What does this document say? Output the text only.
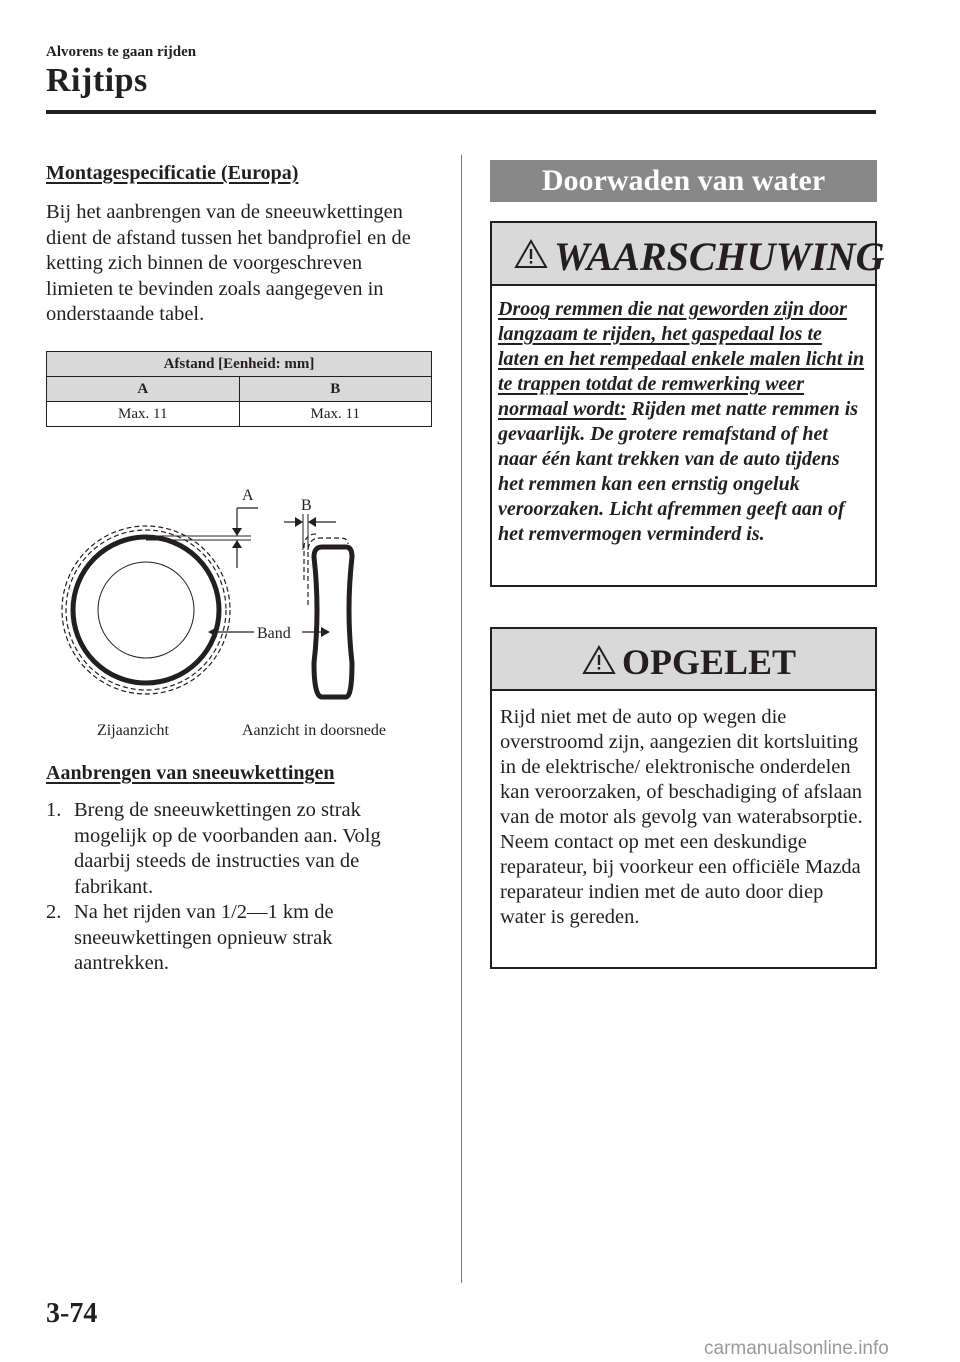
Alvorens te gaan rijden
Rijtips
Montagespecificatie (Europa)
Bij het aanbrengen van de sneeuwkettingen dient de afstand tussen het bandprofiel en de ketting zich binnen de voorgeschreven limieten te bevinden zoals aangegeven in onderstaande tabel.
Afstand [Eenheid: mm]	
A	B
Max. 11	Max. 11
A
B
Band
Zijaanzicht	Aanzicht in doorsnede
Aanbrengen van sneeuwkettingen
1. Breng de sneeuwkettingen zo strak mogelijk op de voorbanden aan. Volg daarbij steeds de instructies van de fabrikant.
2. Na het rijden van 1/2—1 km de sneeuwkettingen opnieuw strak aantrekken.
Doorwaden van water
WAARSCHUWING
Droog remmen die nat geworden zijn door langzaam te rijden, het gaspedaal los te laten en het rempedaal enkele malen licht in te trappen totdat de remwerking weer normaal wordt: Rijden met natte remmen is gevaarlijk. De grotere remafstand of het naar één kant trekken van de auto tijdens het remmen kan een ernstig ongeluk veroorzaken. Licht afremmen geeft aan of het remvermogen verminderd is.
OPGELET
Rijd niet met de auto op wegen die overstroomd zijn, aangezien dit kortsluiting in de elektrische/ elektronische onderdelen kan veroorzaken, of beschadiging of afslaan van de motor als gevolg van waterabsorptie. Neem contact op met een deskundige reparateur, bij voorkeur een officiële Mazda reparateur indien met de auto door diep water is gereden.
3-74
carmanualsonline.info
